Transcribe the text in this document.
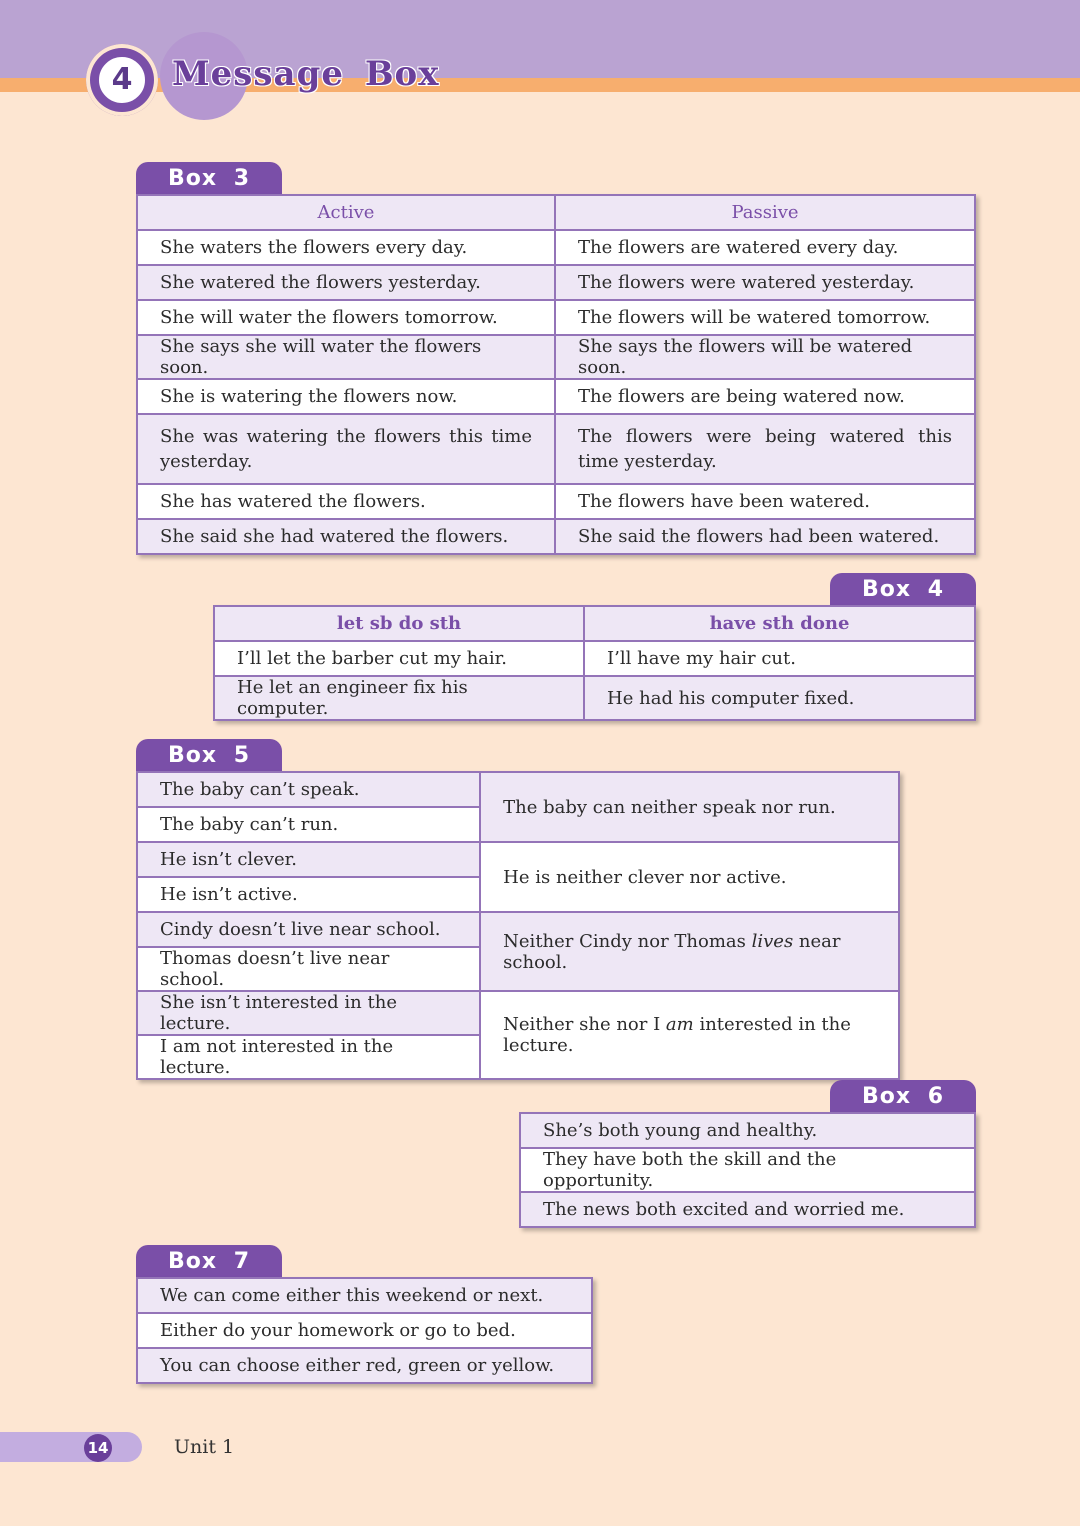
4	Message Box
Box 3
Active	Passive
She waters the flowers every day.	The flowers are watered every day.
She watered the flowers yesterday.	The flowers were watered yesterday.
She will water the flowers tomorrow.	The flowers will be watered tomorrow.
She says she will water the flowers soon.	She says the flowers will be watered soon.
She is watering the flowers now.	The flowers are being watered now.
She was watering the flowers this time yesterday.	The flowers were being watered this time yesterday.
She has watered the flowers.	The flowers have been watered.
She said she had watered the flowers.	She said the flowers had been watered.
Box 4
let sb do sth	have sth done
I’ll let the barber cut my hair.	I’ll have my hair cut.
He let an engineer fix his computer.	He had his computer fixed.
Box 5
The baby can’t speak.	The baby can neither speak nor run.
The baby can’t run.	
He isn’t clever.	He is neither clever nor active.
He isn’t active.	
Cindy doesn’t live near school.	Neither Cindy nor Thomas lives near school.
Thomas doesn’t live near school.	
She isn’t interested in the lecture.	Neither she nor I am interested in the lecture.
I am not interested in the lecture.	
Box 6
She’s both young and healthy.
They have both the skill and the opportunity.
The news both excited and worried me.
Box 7
We can come either this weekend or next.
Either do your homework or go to bed.
You can choose either red, green or yellow.
14	Unit 1
